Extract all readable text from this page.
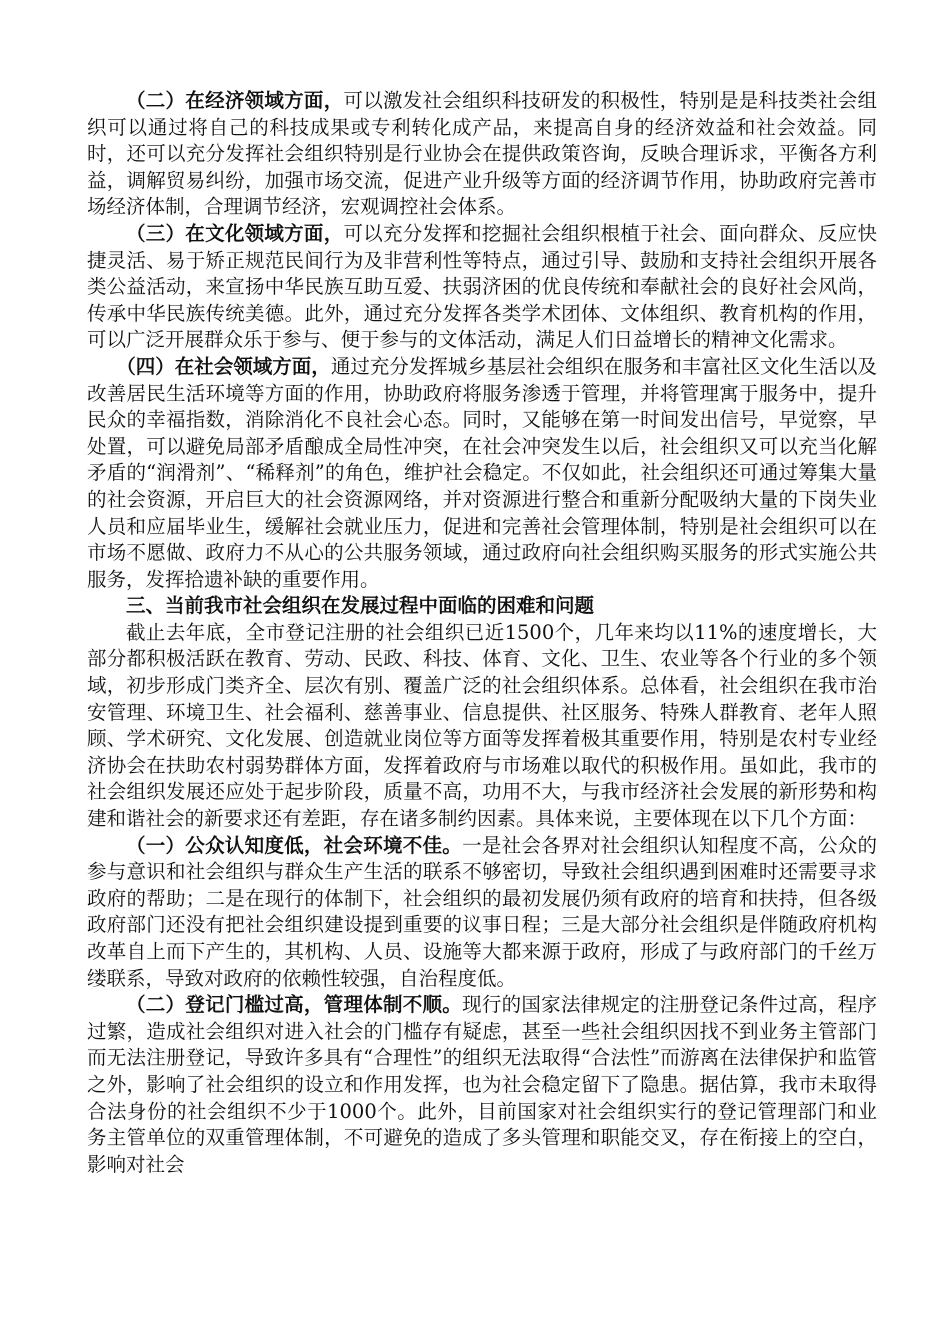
（二）在经济领域方面，可以激发社会组织科技研发的积极性，特别是是科技类社会组织可以通过将自己的科技成果或专利转化成产品，来提高自身的经济效益和社会效益。同时，还可以充分发挥社会组织特别是行业协会在提供政策咨询，反映合理诉求，平衡各方利益，调解贸易纠纷，加强市场交流，促进产业升级等方面的经济调节作用，协助政府完善市场经济体制，合理调节经济，宏观调控社会体系。

（三）在文化领域方面，可以充分发挥和挖掘社会组织根植于社会、面向群众、反应快捷灵活、易于矫正规范民间行为及非营利性等特点，通过引导、鼓励和支持社会组织开展各类公益活动，来宣扬中华民族互助互爱、扶弱济困的优良传统和奉献社会的良好社会风尚，传承中华民族传统美德。此外，通过充分发挥各类学术团体、文体组织、教育机构的作用，可以广泛开展群众乐于参与、便于参与的文体活动，满足人们日益增长的精神文化需求。

（四）在社会领域方面，通过充分发挥城乡基层社会组织在服务和丰富社区文化生活以及改善居民生活环境等方面的作用，协助政府将服务渗透于管理，并将管理寓于服务中，提升民众的幸福指数，消除消化不良社会心态。同时，又能够在第一时间发出信号，早觉察，早处置，可以避免局部矛盾酿成全局性冲突，在社会冲突发生以后，社会组织又可以充当化解矛盾的“润滑剂”、“稀释剂”的角色，维护社会稳定。不仅如此，社会组织还可通过筹集大量的社会资源，开启巨大的社会资源网络，并对资源进行整合和重新分配吸纳大量的下岗失业人员和应届毕业生，缓解社会就业压力，促进和完善社会管理体制，特别是社会组织可以在市场不愿做、政府力不从心的公共服务领域，通过政府向社会组织购买服务的形式实施公共服务，发挥拾遗补缺的重要作用。

三、当前我市社会组织在发展过程中面临的困难和问题

截止去年底，全市登记注册的社会组织已近1500个，几年来均以11%的速度增长，大部分都积极活跃在教育、劳动、民政、科技、体育、文化、卫生、农业等各个行业的多个领域，初步形成门类齐全、层次有别、覆盖广泛的社会组织体系。总体看，社会组织在我市治安管理、环境卫生、社会福利、慈善事业、信息提供、社区服务、特殊人群教育、老年人照顾、学术研究、文化发展、创造就业岗位等方面等发挥着极其重要作用，特别是农村专业经济协会在扶助农村弱势群体方面，发挥着政府与市场难以取代的积极作用。虽如此，我市的社会组织发展还应处于起步阶段，质量不高，功用不大，与我市经济社会发展的新形势和构建和谐社会的新要求还有差距，存在诸多制约因素。具体来说，主要体现在以下几个方面：

（一）公众认知度低，社会环境不佳。一是社会各界对社会组织认知程度不高，公众的参与意识和社会组织与群众生产生活的联系不够密切，导致社会组织遇到困难时还需要寻求政府的帮助；二是在现行的体制下，社会组织的最初发展仍须有政府的培育和扶持，但各级政府部门还没有把社会组织建设提到重要的议事日程；三是大部分社会组织是伴随政府机构改革自上而下产生的，其机构、人员、设施等大都来源于政府，形成了与政府部门的千丝万缕联系，导致对政府的依赖性较强，自治程度低。

（二）登记门槛过高，管理体制不顺。现行的国家法律规定的注册登记条件过高，程序过繁，造成社会组织对进入社会的门槛存有疑虑，甚至一些社会组织因找不到业务主管部门而无法注册登记，导致许多具有“合理性”的组织无法取得“合法性”而游离在法律保护和监管之外，影响了社会组织的设立和作用发挥，也为社会稳定留下了隐患。据估算，我市未取得合法身份的社会组织不少于1000个。此外，目前国家对社会组织实行的登记管理部门和业务主管单位的双重管理体制，不可避免的造成了多头管理和职能交叉，存在衔接上的空白，影响对社会
